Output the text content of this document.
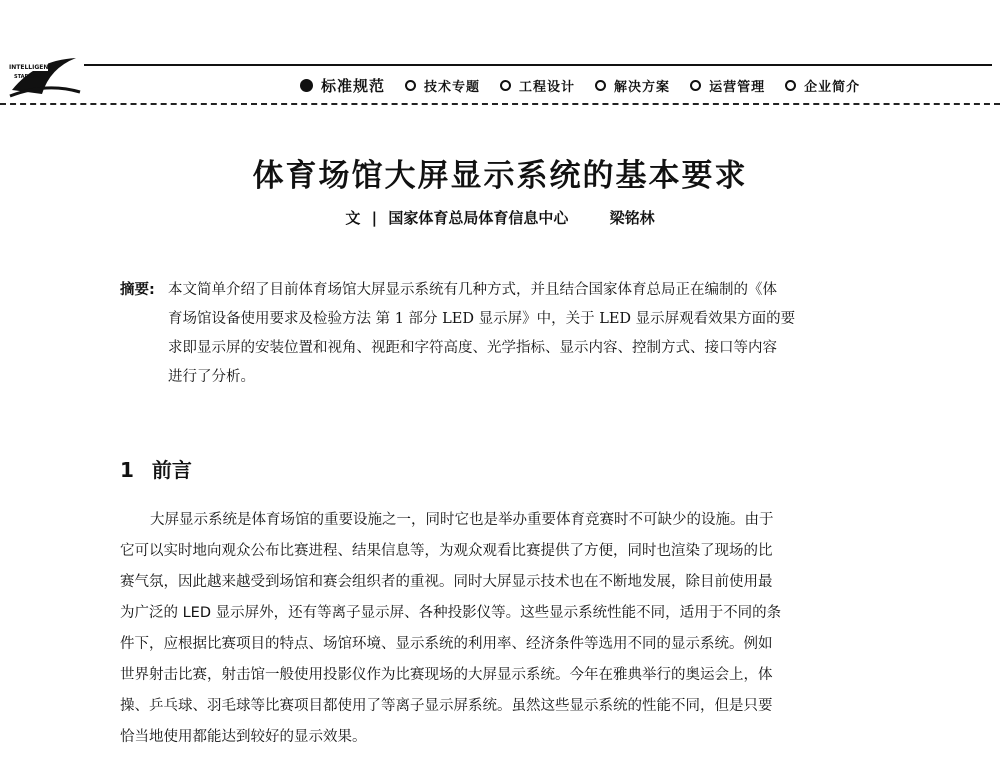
INTELLIGENT
STADIUM	标准规范	技术专题	工程设计	解决方案	运营管理	企业简介
体育场馆大屏显示系统的基本要求
文 | 国家体育总局体育信息中心	梁铭林
摘要: 本文简单介绍了目前体育场馆大屏显示系统有几种方式，并且结合国家体育总局正在编制的《体
育场馆设备使用要求及检验方法 第 1 部分 LED 显示屏》中，关于 LED 显示屏观看效果方面的要
求即显示屏的安装位置和视角、视距和字符高度、光学指标、显示内容、控制方式、接口等内容
进行了分析。
1 前言
大屏显示系统是体育场馆的重要设施之一，同时它也是举办重要体育竞赛时不可缺少的设施。由于
它可以实时地向观众公布比赛进程、结果信息等，为观众观看比赛提供了方便，同时也渲染了现场的比
赛气氛，因此越来越受到场馆和赛会组织者的重视。同时大屏显示技术也在不断地发展，除目前使用最
为广泛的 LED 显示屏外，还有等离子显示屏、各种投影仪等。这些显示系统性能不同，适用于不同的条
件下，应根据比赛项目的特点、场馆环境、显示系统的利用率、经济条件等选用不同的显示系统。例如
世界射击比赛，射击馆一般使用投影仪作为比赛现场的大屏显示系统。今年在雅典举行的奥运会上，体
操、乒乓球、羽毛球等比赛项目都使用了等离子显示屏系统。虽然这些显示系统的性能不同，但是只要
恰当地使用都能达到较好的显示效果。
